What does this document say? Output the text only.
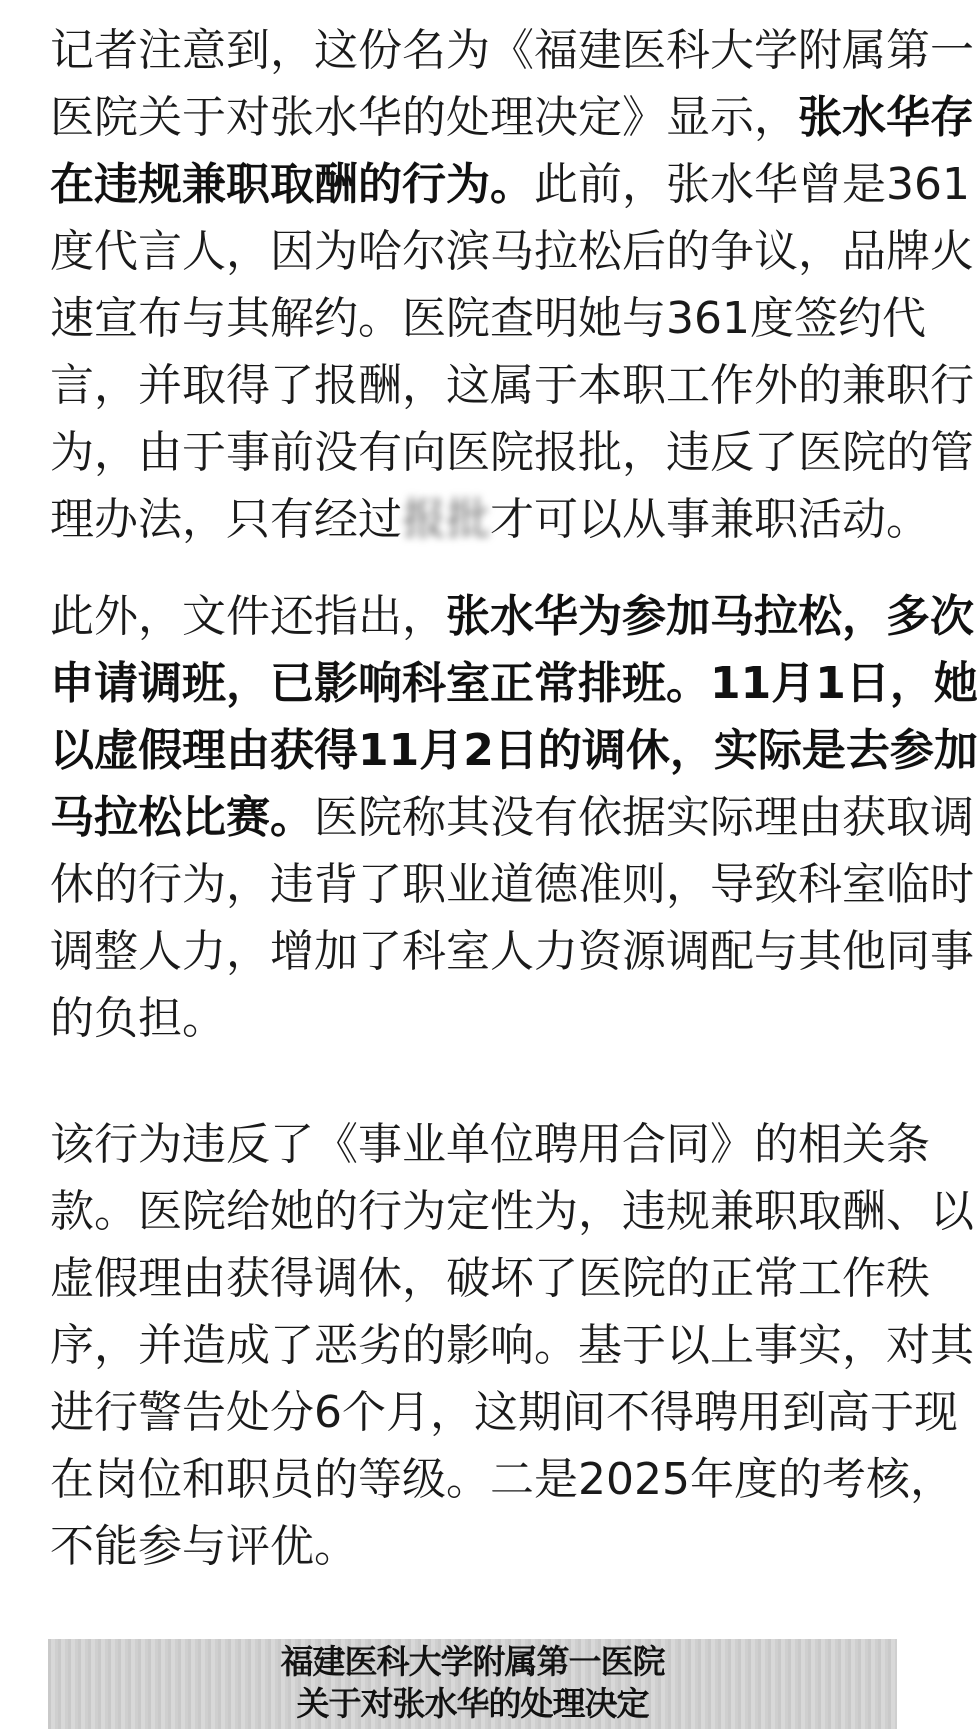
记者注意到，这份名为《福建医科大学附属第一
医院关于对张水华的处理决定》显示，张水华存
在违规兼职取酬的行为。此前，张水华曾是361
度代言人，因为哈尔滨马拉松后的争议，品牌火
速宣布与其解约。医院查明她与361度签约代
言，并取得了报酬，这属于本职工作外的兼职行
为，由于事前没有向医院报批，违反了医院的管
理办法，只有经过报批才可以从事兼职活动。
此外，文件还指出，张水华为参加马拉松，多次
申请调班，已影响科室正常排班。11月1日，她
以虚假理由获得11月2日的调休，实际是去参加
马拉松比赛。医院称其没有依据实际理由获取调
休的行为，违背了职业道德准则，导致科室临时
调整人力，增加了科室人力资源调配与其他同事
的负担。
该行为违反了《事业单位聘用合同》的相关条
款。医院给她的行为定性为，违规兼职取酬、以
虚假理由获得调休，破坏了医院的正常工作秩
序，并造成了恶劣的影响。基于以上事实，对其
进行警告处分6个月，这期间不得聘用到高于现
在岗位和职员的等级。二是2025年度的考核，
不能参与评优。
福建医科大学附属第一医院
关于对张水华的处理决定
